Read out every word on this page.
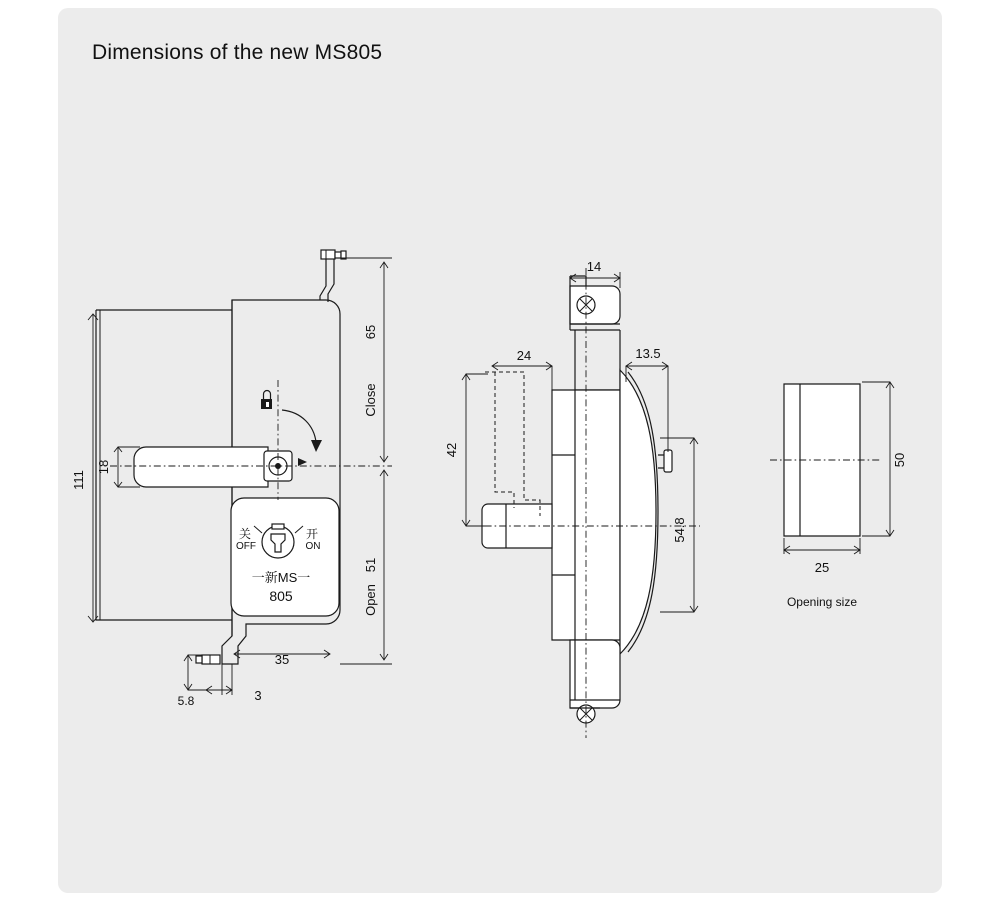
Dimensions of the new MS805
关
OFF
开
ON
一新MS一
805
111
18
65
Close
51
Open
35
3
5.8
14
24	13.5
42
54.8
50
25
Opening size
